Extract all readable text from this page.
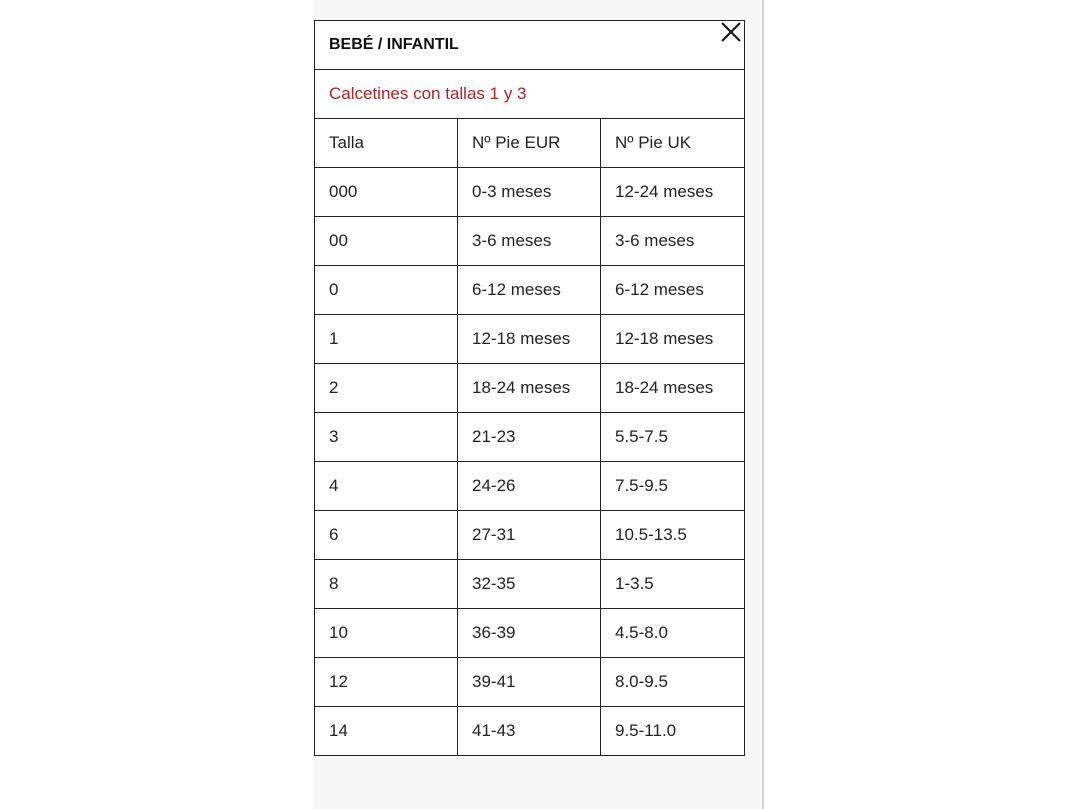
BEBÉ / INFANTIL		
Calcetines con tallas 1 y 3		
Talla	Nº Pie EUR	Nº Pie UK
000	0-3 meses	12-24 meses
00	3-6 meses	3-6 meses
0	6-12 meses	6-12 meses
1	12-18 meses	12-18 meses
2	18-24 meses	18-24 meses
3	21-23	5.5-7.5
4	24-26	7.5-9.5
6	27-31	10.5-13.5
8	32-35	1-3.5
10	36-39	4.5-8.0
12	39-41	8.0-9.5
14	41-43	9.5-11.0
